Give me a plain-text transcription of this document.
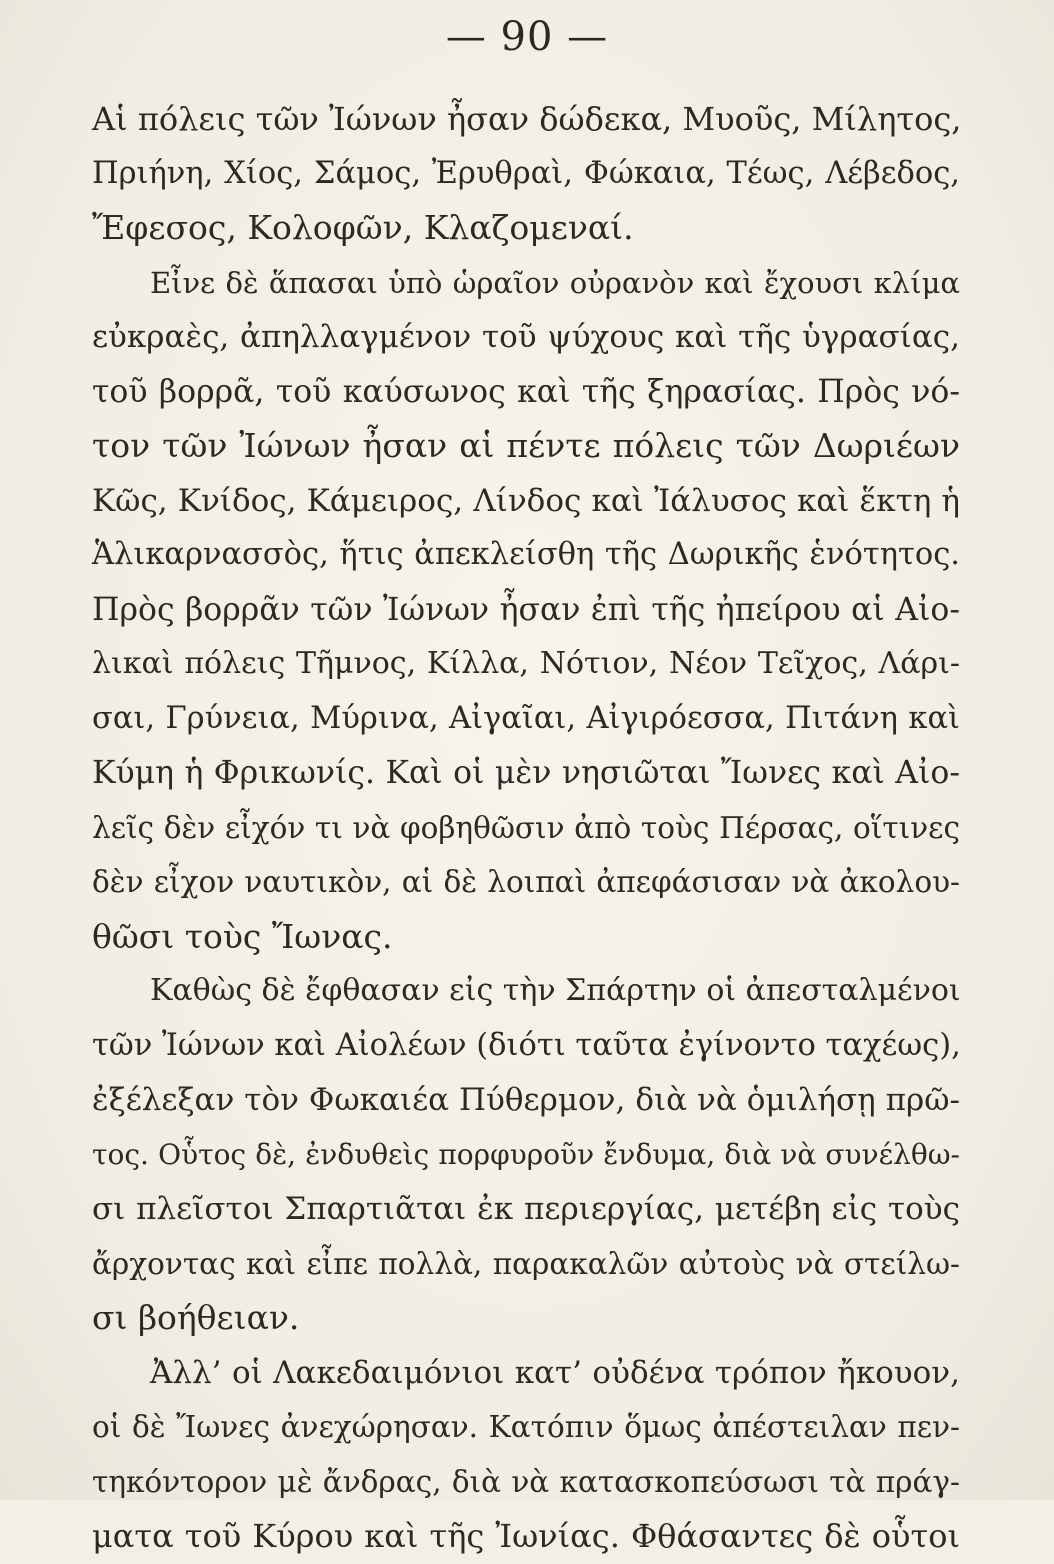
— 90 —
Αἱ πόλεις τῶν Ἰώνων ἦσαν δώδεκα, Μυοῦς, Μίλητος,
Πριήνη, Χίος, Σάμος, Ἐρυθραὶ, Φώκαια, Τέως, Λέβεδος,
Ἔφεσος, Κολοφῶν, Κλαζομεναί.
Εἶνε δὲ ἅπασαι ὑπὸ ὡραῖον οὐρανὸν καὶ ἔχουσι κλίμα
εὐκραὲς, ἀπηλλαγμένον τοῦ ψύχους καὶ τῆς ὑγρασίας,
τοῦ βορρᾶ, τοῦ καύσωνος καὶ τῆς ξηρασίας. Πρὸς νό-
τον τῶν Ἰώνων ἦσαν αἱ πέντε πόλεις τῶν Δωριέων
Κῶς, Κνίδος, Κάμειρος, Λίνδος καὶ Ἰάλυσος καὶ ἕκτη ἡ
Ἁλικαρνασσὸς, ἥτις ἀπεκλείσθη τῆς Δωρικῆς ἑνότητος.
Πρὸς βορρᾶν τῶν Ἰώνων ἦσαν ἐπὶ τῆς ἠπείρου αἱ Αἰο-
λικαὶ πόλεις Τῆμνος, Κίλλα, Νότιον, Νέον Τεῖχος, Λάρι-
σαι, Γρύνεια, Μύρινα, Αἰγαῖαι, Αἰγιρόεσσα, Πιτάνη καὶ
Κύμη ἡ Φρικωνίς. Καὶ οἱ μὲν νησιῶται Ἴωνες καὶ Αἰο-
λεῖς δὲν εἶχόν τι νὰ φοβηθῶσιν ἀπὸ τοὺς Πέρσας, οἵτινες
δὲν εἶχον ναυτικὸν, αἱ δὲ λοιπαὶ ἀπεφάσισαν νὰ ἀκολου-
θῶσι τοὺς Ἴωνας.
Καθὼς δὲ ἔφθασαν εἰς τὴν Σπάρτην οἱ ἀπεσταλμένοι
τῶν Ἰώνων καὶ Αἰολέων (διότι ταῦτα ἐγίνοντο ταχέως),
ἐξέλεξαν τὸν Φωκαιέα Πύθερμον, διὰ νὰ ὁμιλήσῃ πρῶ-
τος. Οὗτος δὲ, ἐνδυθεὶς πορφυροῦν ἔνδυμα, διὰ νὰ συνέλθω-
σι πλεῖστοι Σπαρτιᾶται ἐκ περιεργίας, μετέβη εἰς τοὺς
ἄρχοντας καὶ εἶπε πολλὰ, παρακαλῶν αὐτοὺς νὰ στείλω-
σι βοήθειαν.
Ἀλλ’ οἱ Λακεδαιμόνιοι κατ’ οὐδένα τρόπον ἤκουον,
οἱ δὲ Ἴωνες ἀνεχώρησαν. Κατόπιν ὅμως ἀπέστειλαν πεν-
τηκόντορον μὲ ἄνδρας, διὰ νὰ κατασκοπεύσωσι τὰ πράγ-
ματα τοῦ Κύρου καὶ τῆς Ἰωνίας. Φθάσαντες δὲ οὗτοι
